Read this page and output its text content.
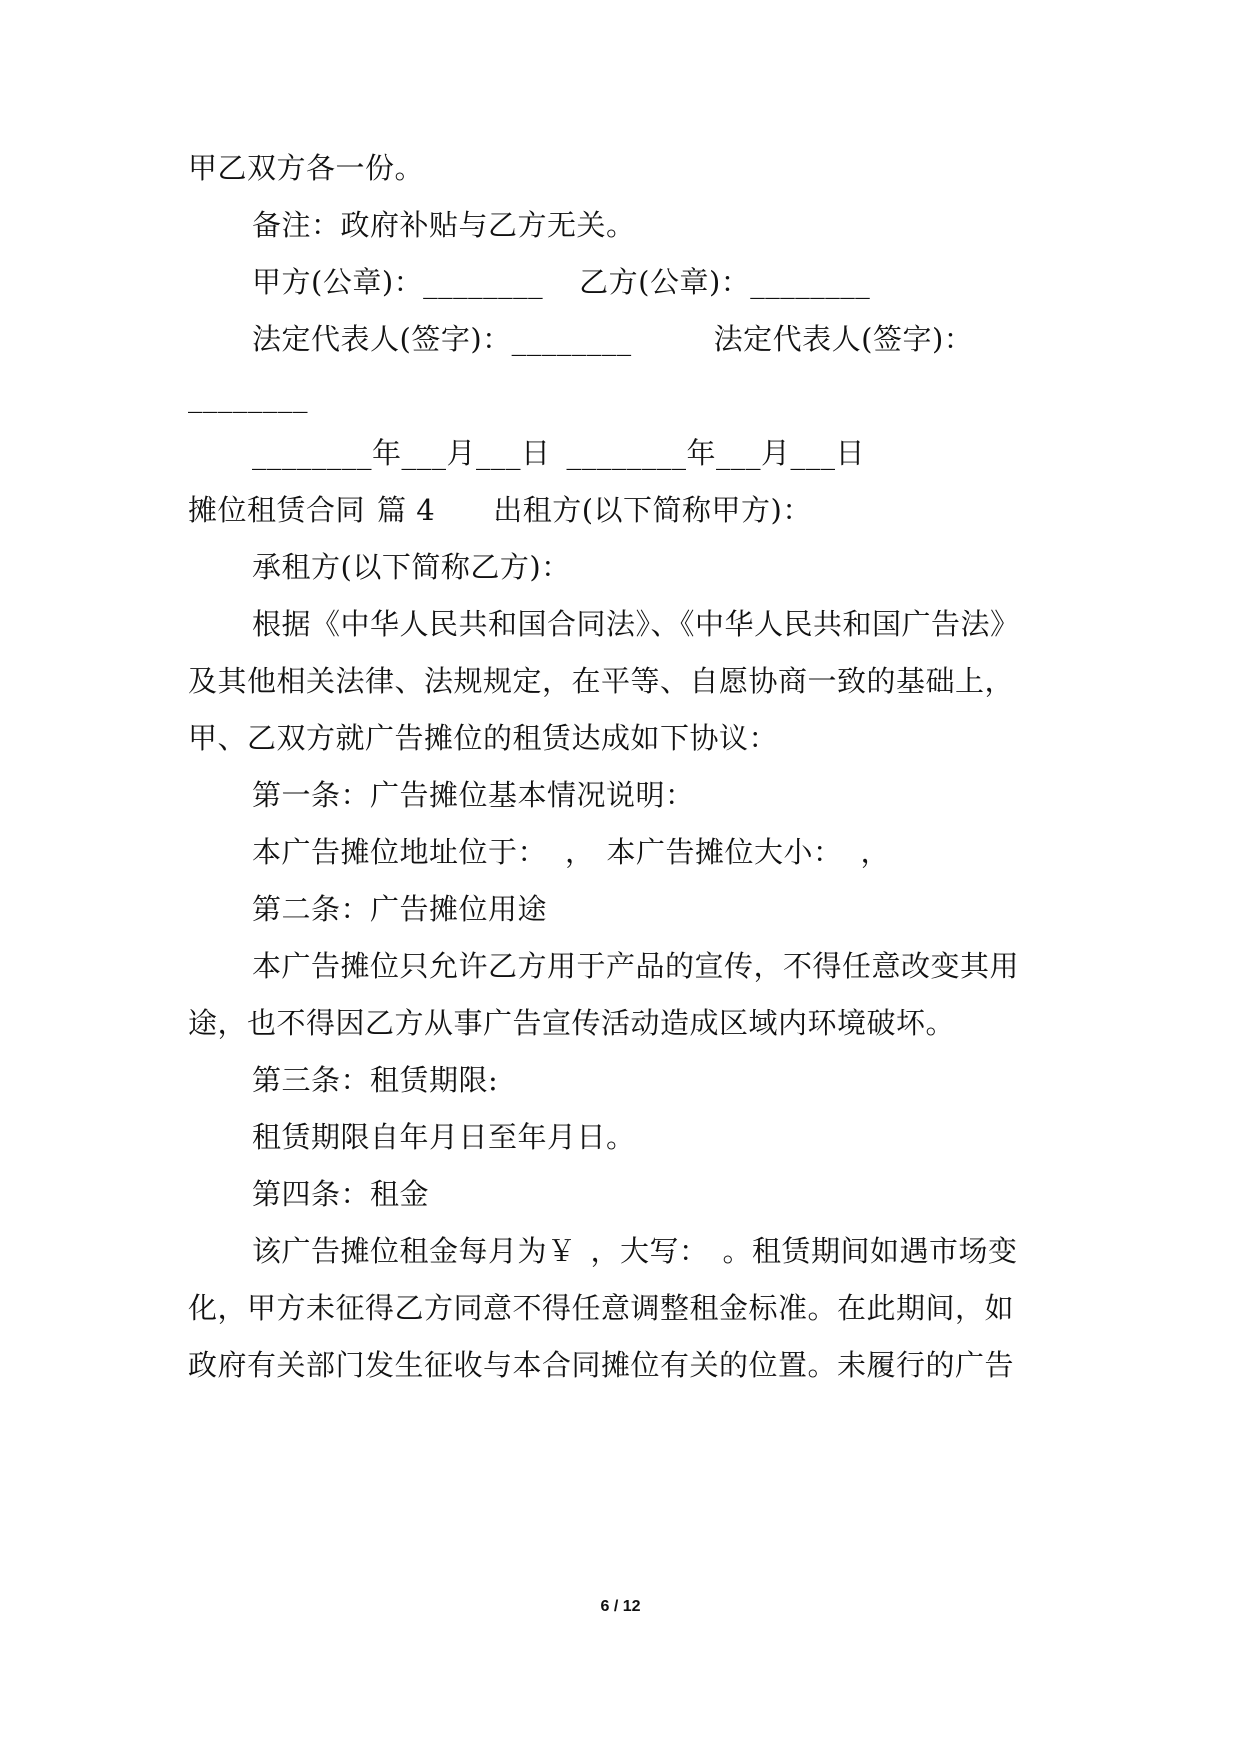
甲乙双方各一份。
备注：政府补贴与乙方无关。
甲方(公章)：________ 乙方(公章)：________
法定代表人(签字)：________	法定代表人(签字)：
________
________年___月___日 ________年___月___日
摊位租赁合同 篇 4 出租方(以下简称甲方)：
承租方(以下简称乙方)：
根据《中华人民共和国合同法》、《中华人民共和国广告法》
及其他相关法律、法规规定，在平等、自愿协商一致的基础上，
甲、乙双方就广告摊位的租赁达成如下协议：
第一条：广告摊位基本情况说明：
本广告摊位地址位于： ， 本广告摊位大小： ，
第二条：广告摊位用途
本广告摊位只允许乙方用于产品的宣传，不得任意改变其用
途，也不得因乙方从事广告宣传活动造成区域内环境破坏。
第三条：租赁期限:
租赁期限自年月日至年月日。
第四条：租金
该广告摊位租金每月为￥ ，大写： 。租赁期间如遇市场变
化，甲方未征得乙方同意不得任意调整租金标准。在此期间，如
政府有关部门发生征收与本合同摊位有关的位置。未履行的广告
6 / 12
